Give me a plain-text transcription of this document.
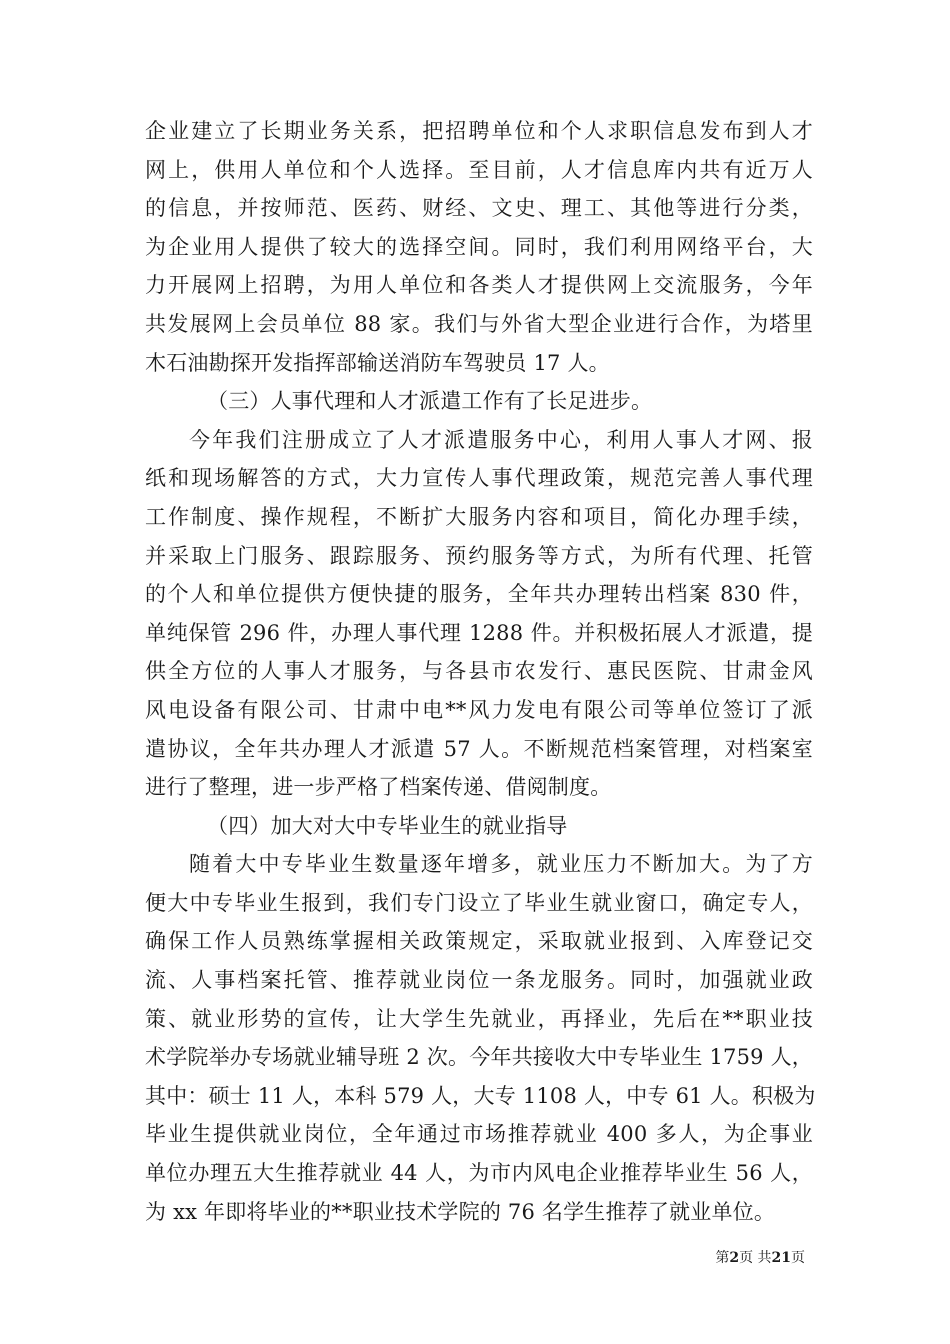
企业建立了长期业务关系，把招聘单位和个人求职信息发布到人才
网上，供用人单位和个人选择。至目前，人才信息库内共有近万人
的信息，并按师范、医药、财经、文史、理工、其他等进行分类，
为企业用人提供了较大的选择空间。同时，我们利用网络平台，大
力开展网上招聘，为用人单位和各类人才提供网上交流服务，今年
共发展网上会员单位 88 家。我们与外省大型企业进行合作，为塔里
木石油勘探开发指挥部输送消防车驾驶员 17 人。
（三）人事代理和人才派遣工作有了长足进步。
今年我们注册成立了人才派遣服务中心，利用人事人才网、报
纸和现场解答的方式，大力宣传人事代理政策，规范完善人事代理
工作制度、操作规程，不断扩大服务内容和项目，简化办理手续，
并采取上门服务、跟踪服务、预约服务等方式，为所有代理、托管
的个人和单位提供方便快捷的服务，全年共办理转出档案 830 件，
单纯保管 296 件，办理人事代理 1288 件。并积极拓展人才派遣，提
供全方位的人事人才服务，与各县市农发行、惠民医院、甘肃金风
风电设备有限公司、甘肃中电**风力发电有限公司等单位签订了派
遣协议，全年共办理人才派遣 57 人。不断规范档案管理，对档案室
进行了整理，进一步严格了档案传递、借阅制度。
（四）加大对大中专毕业生的就业指导
随着大中专毕业生数量逐年增多，就业压力不断加大。为了方
便大中专毕业生报到，我们专门设立了毕业生就业窗口，确定专人，
确保工作人员熟练掌握相关政策规定，采取就业报到、入库登记交
流、人事档案托管、推荐就业岗位一条龙服务。同时，加强就业政
策、就业形势的宣传，让大学生先就业，再择业，先后在**职业技
术学院举办专场就业辅导班 2 次。今年共接收大中专毕业生 1759 人，
其中：硕士 11 人，本科 579 人，大专 1108 人，中专 61 人。积极为
毕业生提供就业岗位，全年通过市场推荐就业 400 多人，为企事业
单位办理五大生推荐就业 44 人，为市内风电企业推荐毕业生 56 人，
为 xx 年即将毕业的**职业技术学院的 76 名学生推荐了就业单位。
第2页 共21页
